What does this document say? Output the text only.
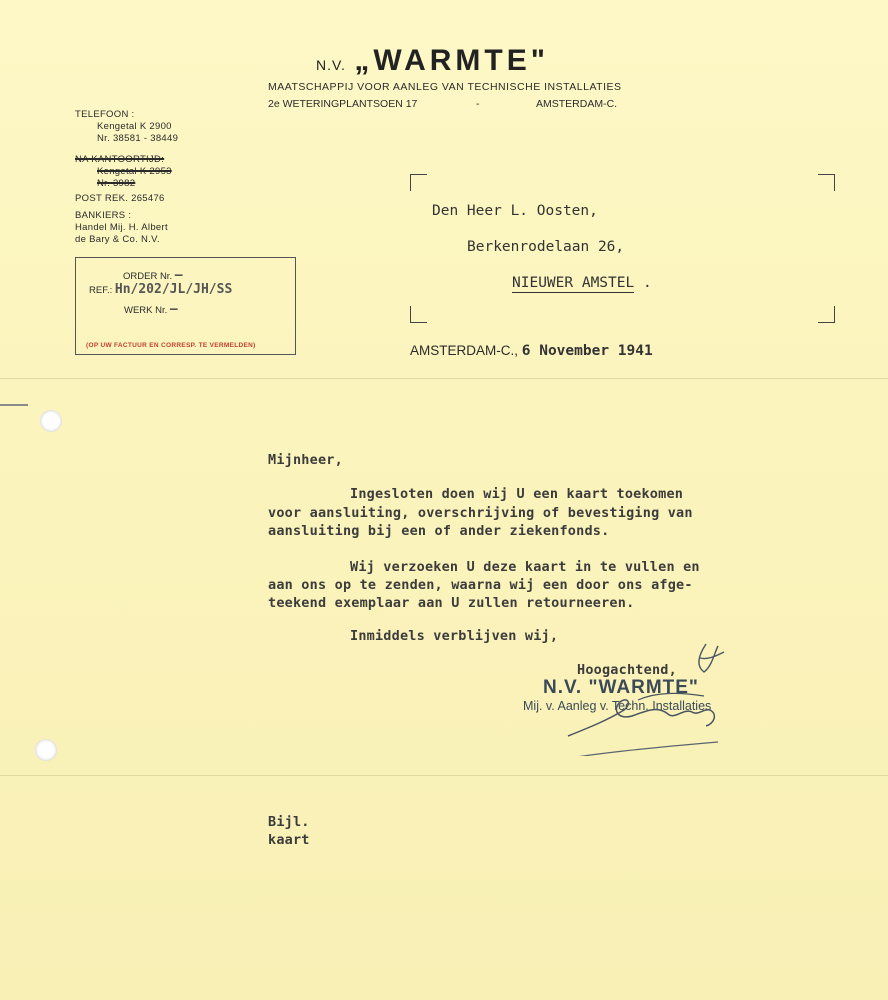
N.V. „WARMTE"
MAATSCHAPPIJ VOOR AANLEG VAN TECHNISCHE INSTALLATIES
2e WETERINGPLANTSOEN 17	-	AMSTERDAM-C.
TELEFOON :
Kengetal K 2900
Nr. 38581 - 38449
NA KANTOORTIJD:
Kengetal K 2953
Nr. 3982
POST REK. 265476
BANKIERS :
Handel Mij. H. Albert
de Bary & Co. N.V.
ORDER Nr. —
REF.: Hn/202/JL/JH/SS
WERK Nr. —
(OP UW FACTUUR EN CORRESP. TE VERMELDEN)
Den Heer L. Oosten,
Berkenrodelaan 26,
NIEUWER AMSTEL .
AMSTERDAM-C., 6 November 1941
Mijnheer,
Ingesloten doen wij U een kaart toekomen
voor aansluiting, overschrijving of bevestiging van
aansluiting bij een of ander ziekenfonds.
Wij verzoeken U deze kaart in te vullen en
aan ons op te zenden, waarna wij een door ons afge-
teekend exemplaar aan U zullen retourneeren.
Inmiddels verblijven wij,
Hoogachtend,
N.V. "WARMTE"
Mij. v. Aanleg v. Techn. Installaties
Bijl.
kaart
